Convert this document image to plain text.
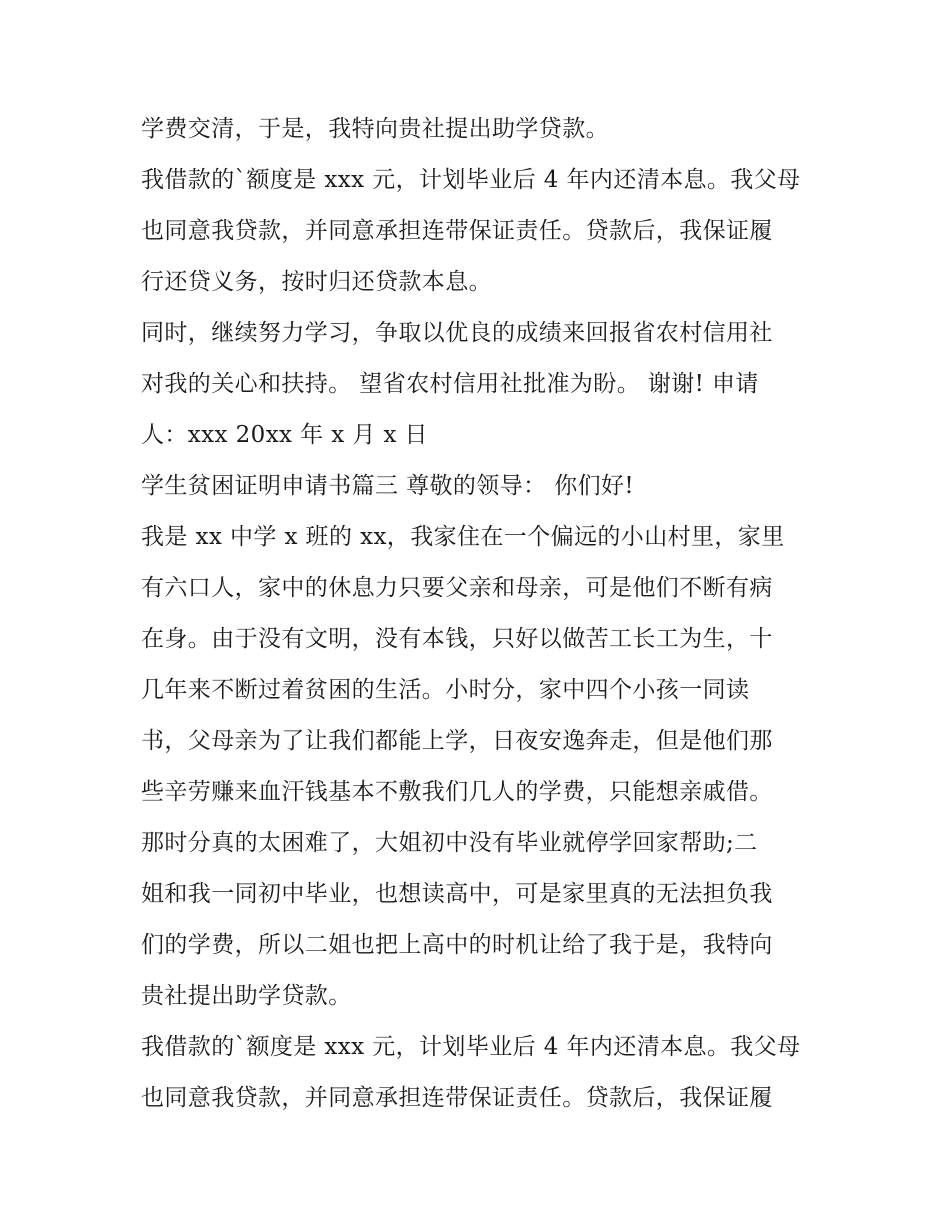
学费交清，于是，我特向贵社提出助学贷款。
我借款的`额度是 xxx 元，计划毕业后 4 年内还清本息。我父母
也同意我贷款，并同意承担连带保证责任。贷款后，我保证履
行还贷义务，按时归还贷款本息。
同时，继续努力学习，争取以优良的成绩来回报省农村信用社
对我的关心和扶持。 望省农村信用社批准为盼。 谢谢! 申请
人：xxx 20xx 年 x 月 x 日
学生贫困证明申请书篇三 尊敬的领导： 你们好!
我是 xx 中学 x 班的 xx，我家住在一个偏远的小山村里，家里
有六口人，家中的休息力只要父亲和母亲，可是他们不断有病
在身。由于没有文明，没有本钱，只好以做苦工长工为生，十
几年来不断过着贫困的生活。小时分，家中四个小孩一同读
书，父母亲为了让我们都能上学，日夜安逸奔走，但是他们那
些辛劳赚来血汗钱基本不敷我们几人的学费，只能想亲戚借。
那时分真的太困难了，大姐初中没有毕业就停学回家帮助;二
姐和我一同初中毕业，也想读高中，可是家里真的无法担负我
们的学费，所以二姐也把上高中的时机让给了我于是，我特向
贵社提出助学贷款。
我借款的`额度是 xxx 元，计划毕业后 4 年内还清本息。我父母
也同意我贷款，并同意承担连带保证责任。贷款后，我保证履
